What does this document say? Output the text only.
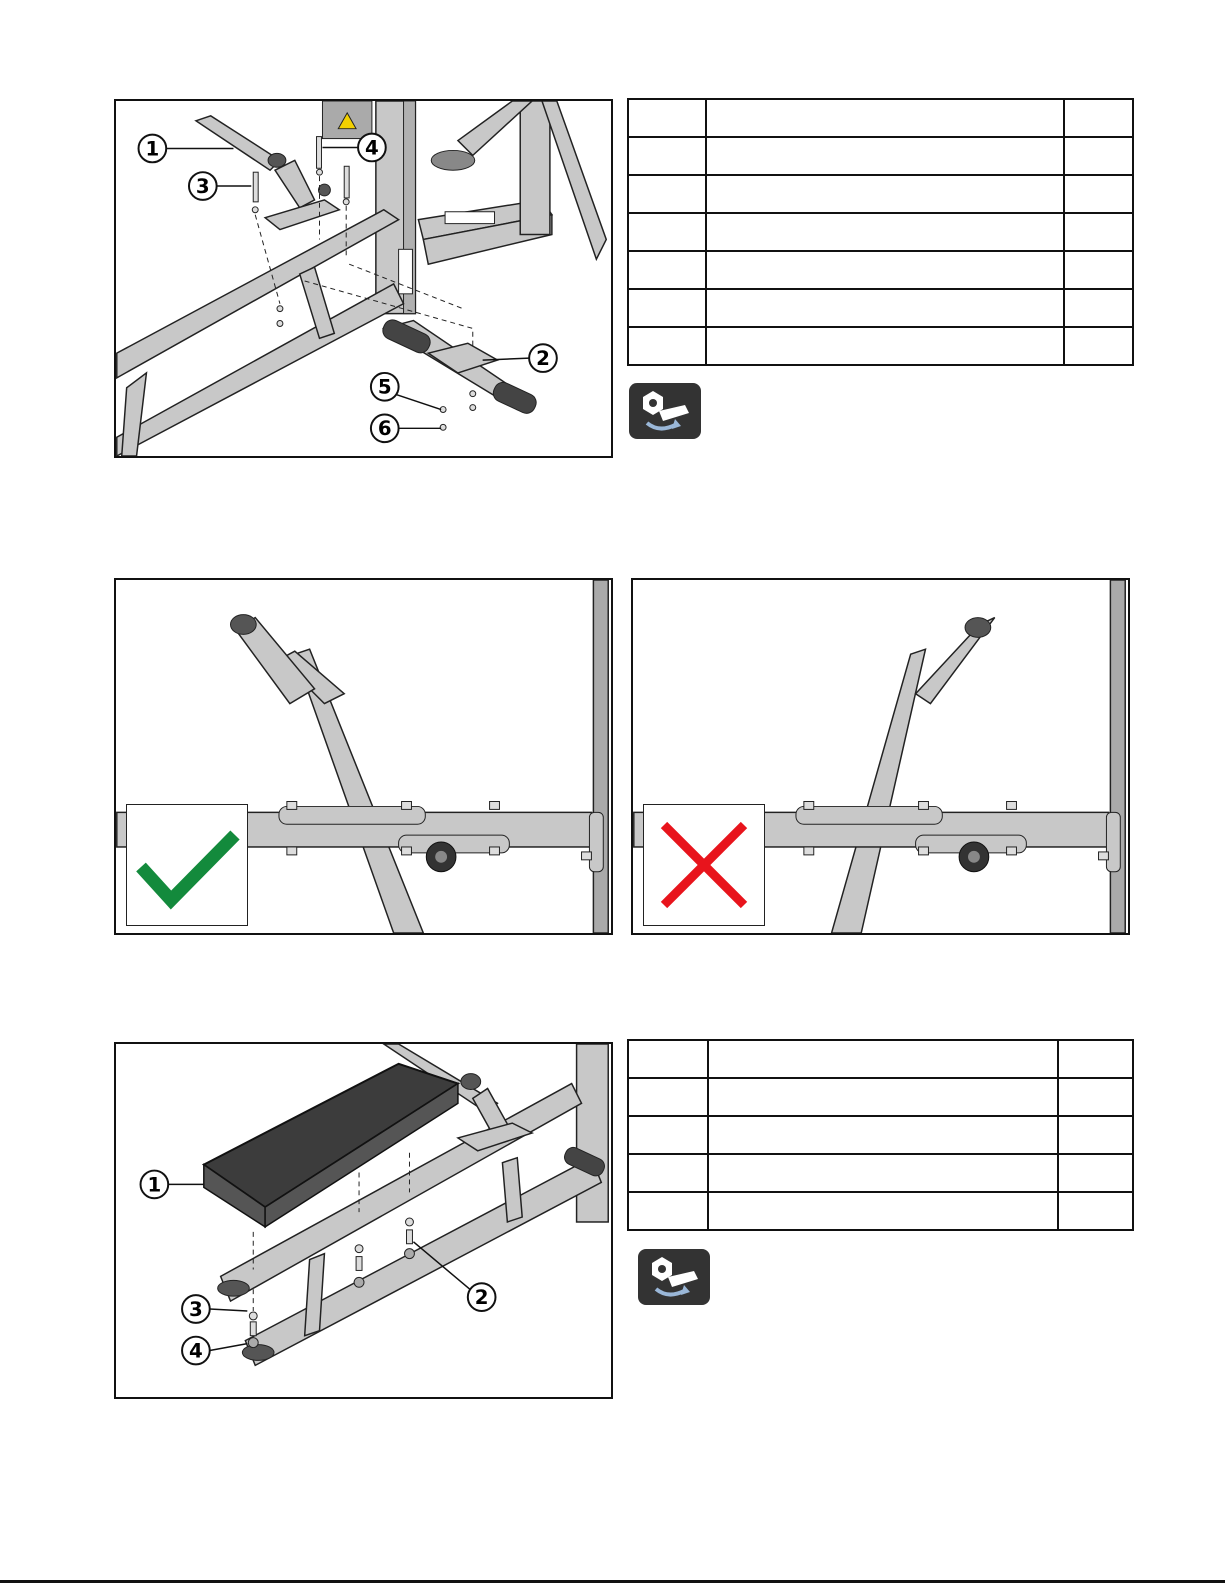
1
2
3
4
5
6

1
2
3
4
